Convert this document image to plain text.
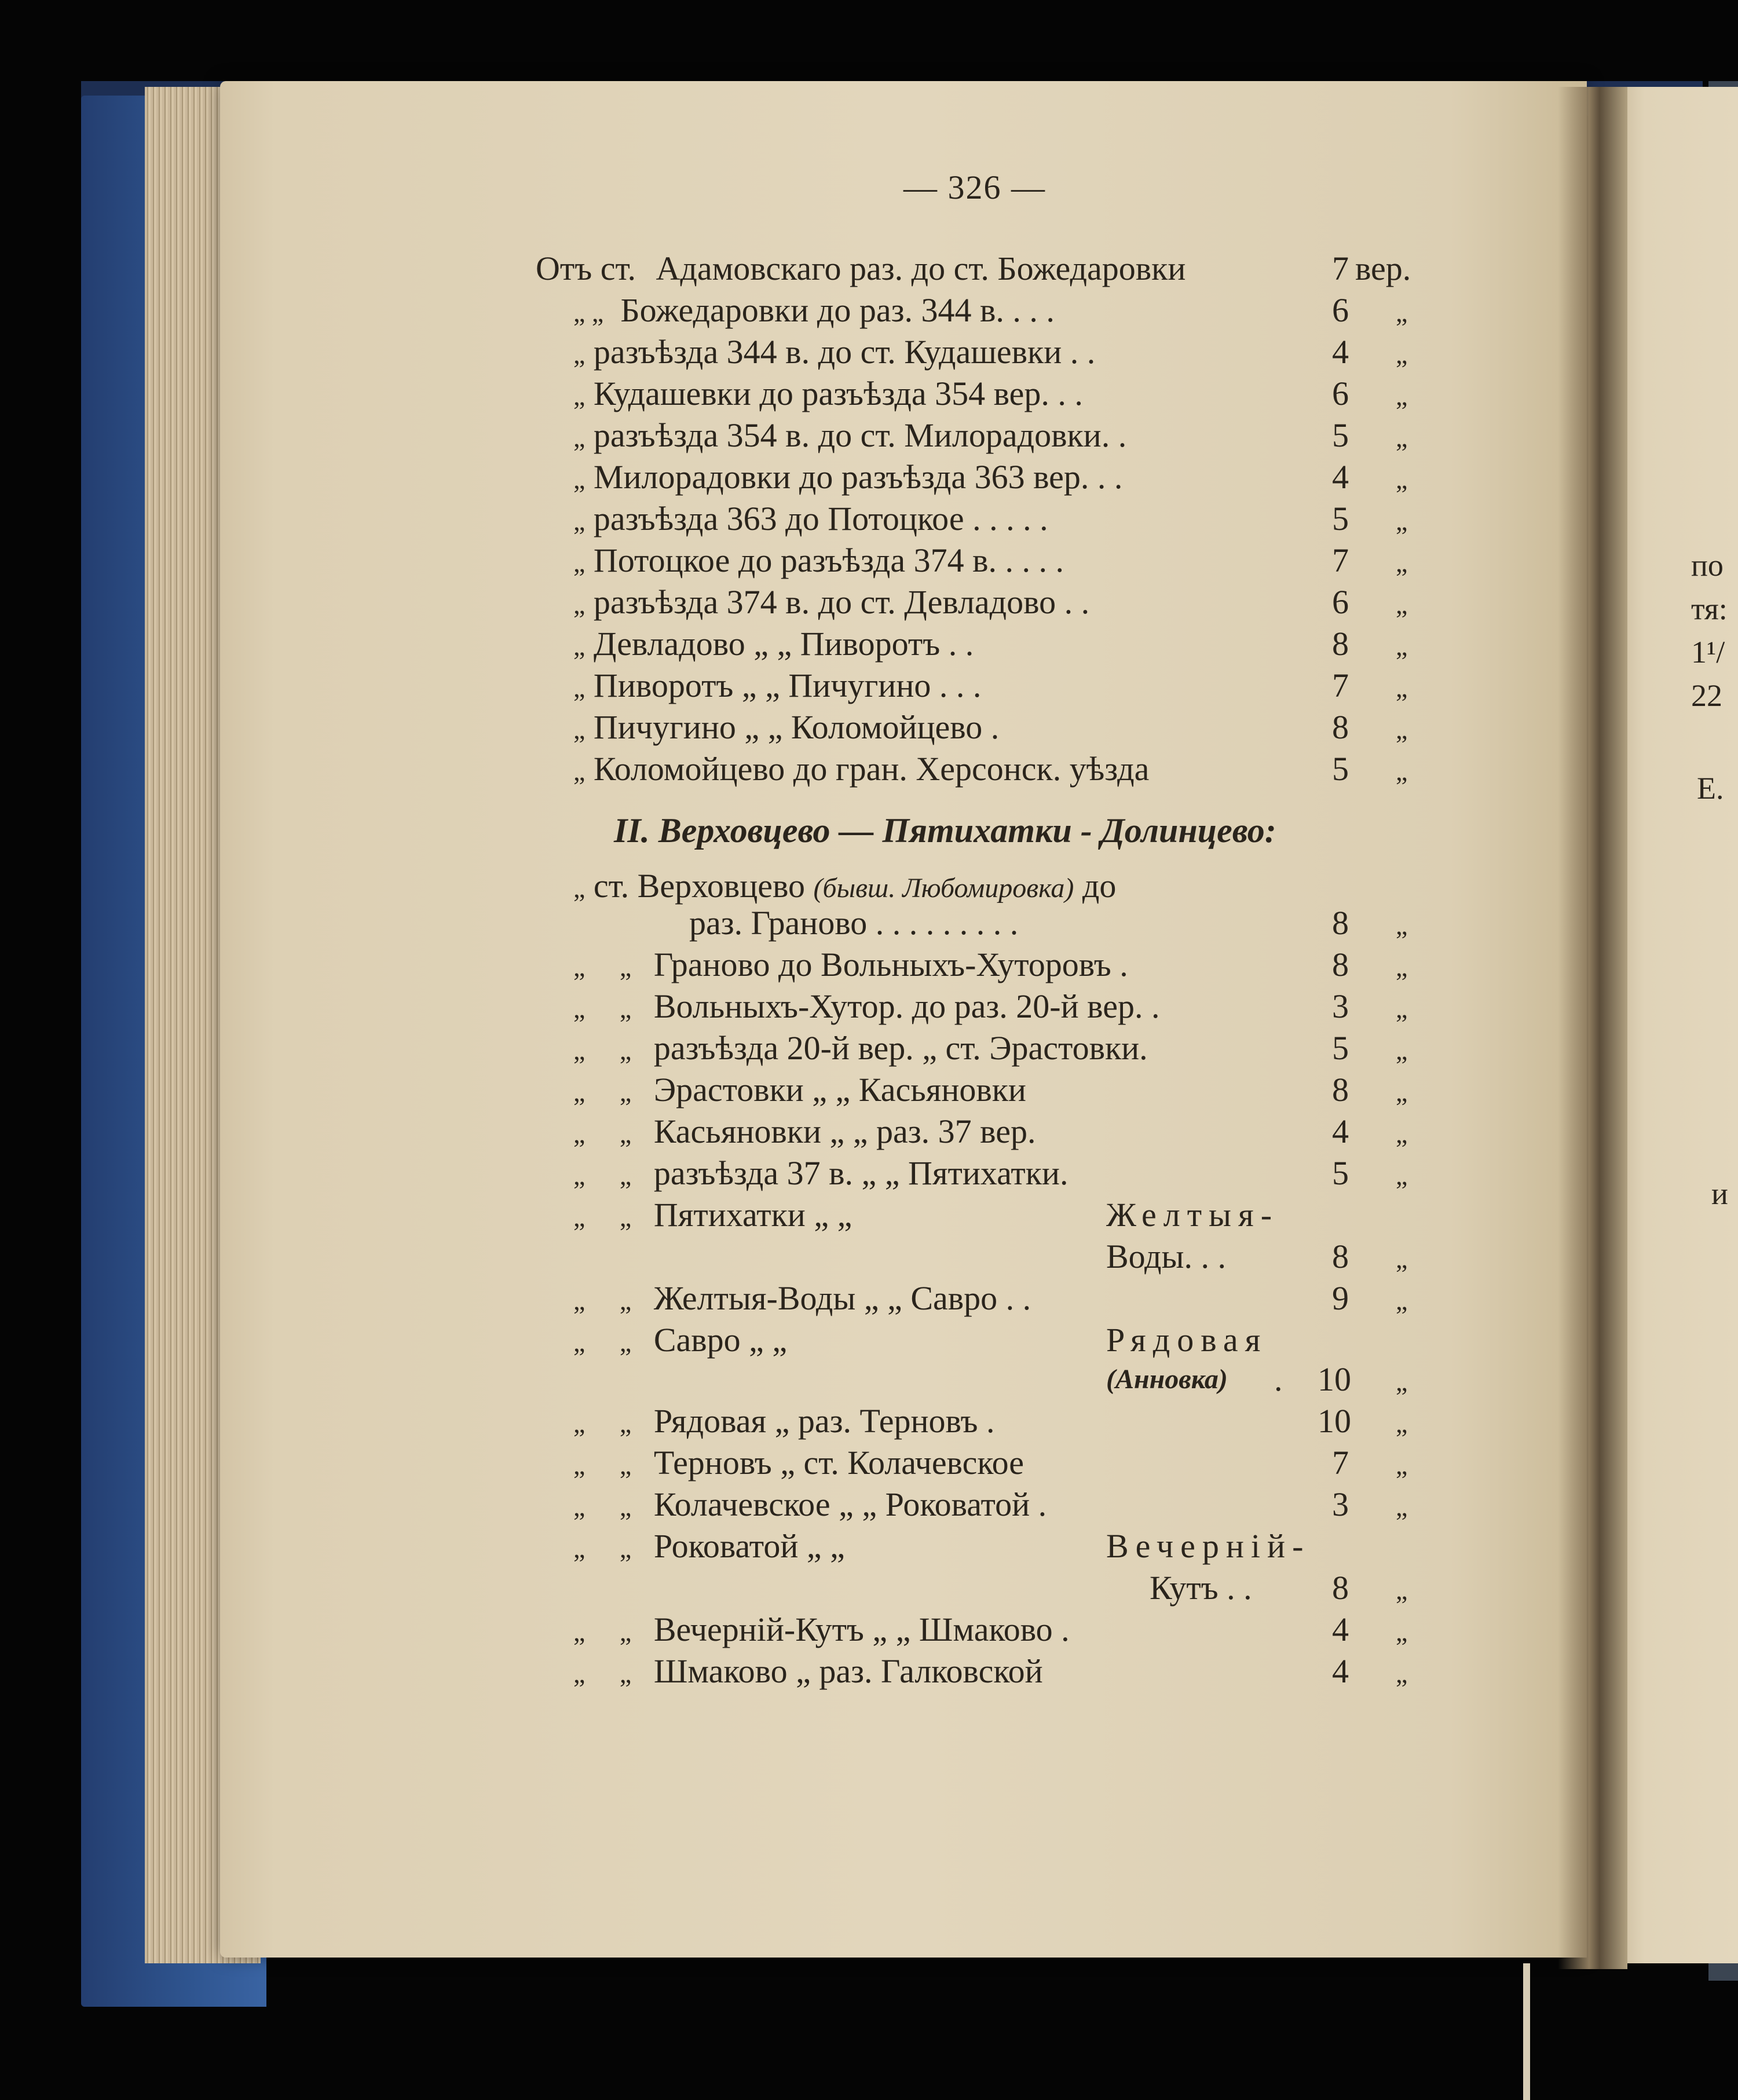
— 326 —
Отъ ст. Адамовскаго раз. до ст. Божедаровки	7 вер.
„ „ Божедаровки до раз. 344 в. . . .	6 „
„ разъѣзда 344 в. до ст. Кудашевки . .	4 „
„ Кудашевки до разъѣзда 354 вер. . .	6 „
„ разъѣзда 354 в. до ст. Милорадовки. .	5 „
„ Милорадовки до разъѣзда 363 вер. . .	4 „
„ разъѣзда 363 до Потоцкое . . . . .	5 „
„ Потоцкое до разъѣзда 374 в. . . . .	7 „
„ разъѣзда 374 в. до ст. Девладово . .	6 „
„ Девладово „ „ Пиворотъ . .	8 „
„ Пиворотъ „ „ Пичугино . . .	7 „
„ Пичугино „ „ Коломойцево .	8 „
„ Коломойцево до гран. Херсонск. уѣзда	5 „
II. Верховцево — Пятихатки - Долинцево:
„ ст. Верховцево (бывш. Любомировка) до
раз. Граново . . . . . . . . .	8 „
„ „ Граново до Вольныхъ-Хуторовъ .	8 „
„ „ Вольныхъ-Хутор. до раз. 20-й вер. .	3 „
„ „ разъѣзда 20-й вер. „ ст. Эрастовки.	5 „
„ „ Эрастовки „ „ Касьяновки	8 „
„ „ Касьяновки „ „ раз. 37 вер.	4 „
„ „ разъѣзда 37 в. „ „ Пятихатки.	5 „
„ „ Пятихатки „ „	Желтыя-
Воды. . .	8 „
„ „ Желтыя-Воды „ „ Савро . .	9 „
„ „ Савро „ „	Рядовая
(Анновка) . 10 „
„ „ Рядовая „ раз. Терновъ .	10 „
„ „ Терновъ „ ст. Колачевское	7 „
„ „ Колачевское „ „ Роковатой .	3 „
„ „ Роковатой „ „	Вечерній-
Кутъ . . 8 „
„ „ Вечерній-Кутъ „ „ Шмаково .	4 „
„ „ Шмаково „ раз. Галковской	4 „
по
тя:
1¹/
22
Е.
и
